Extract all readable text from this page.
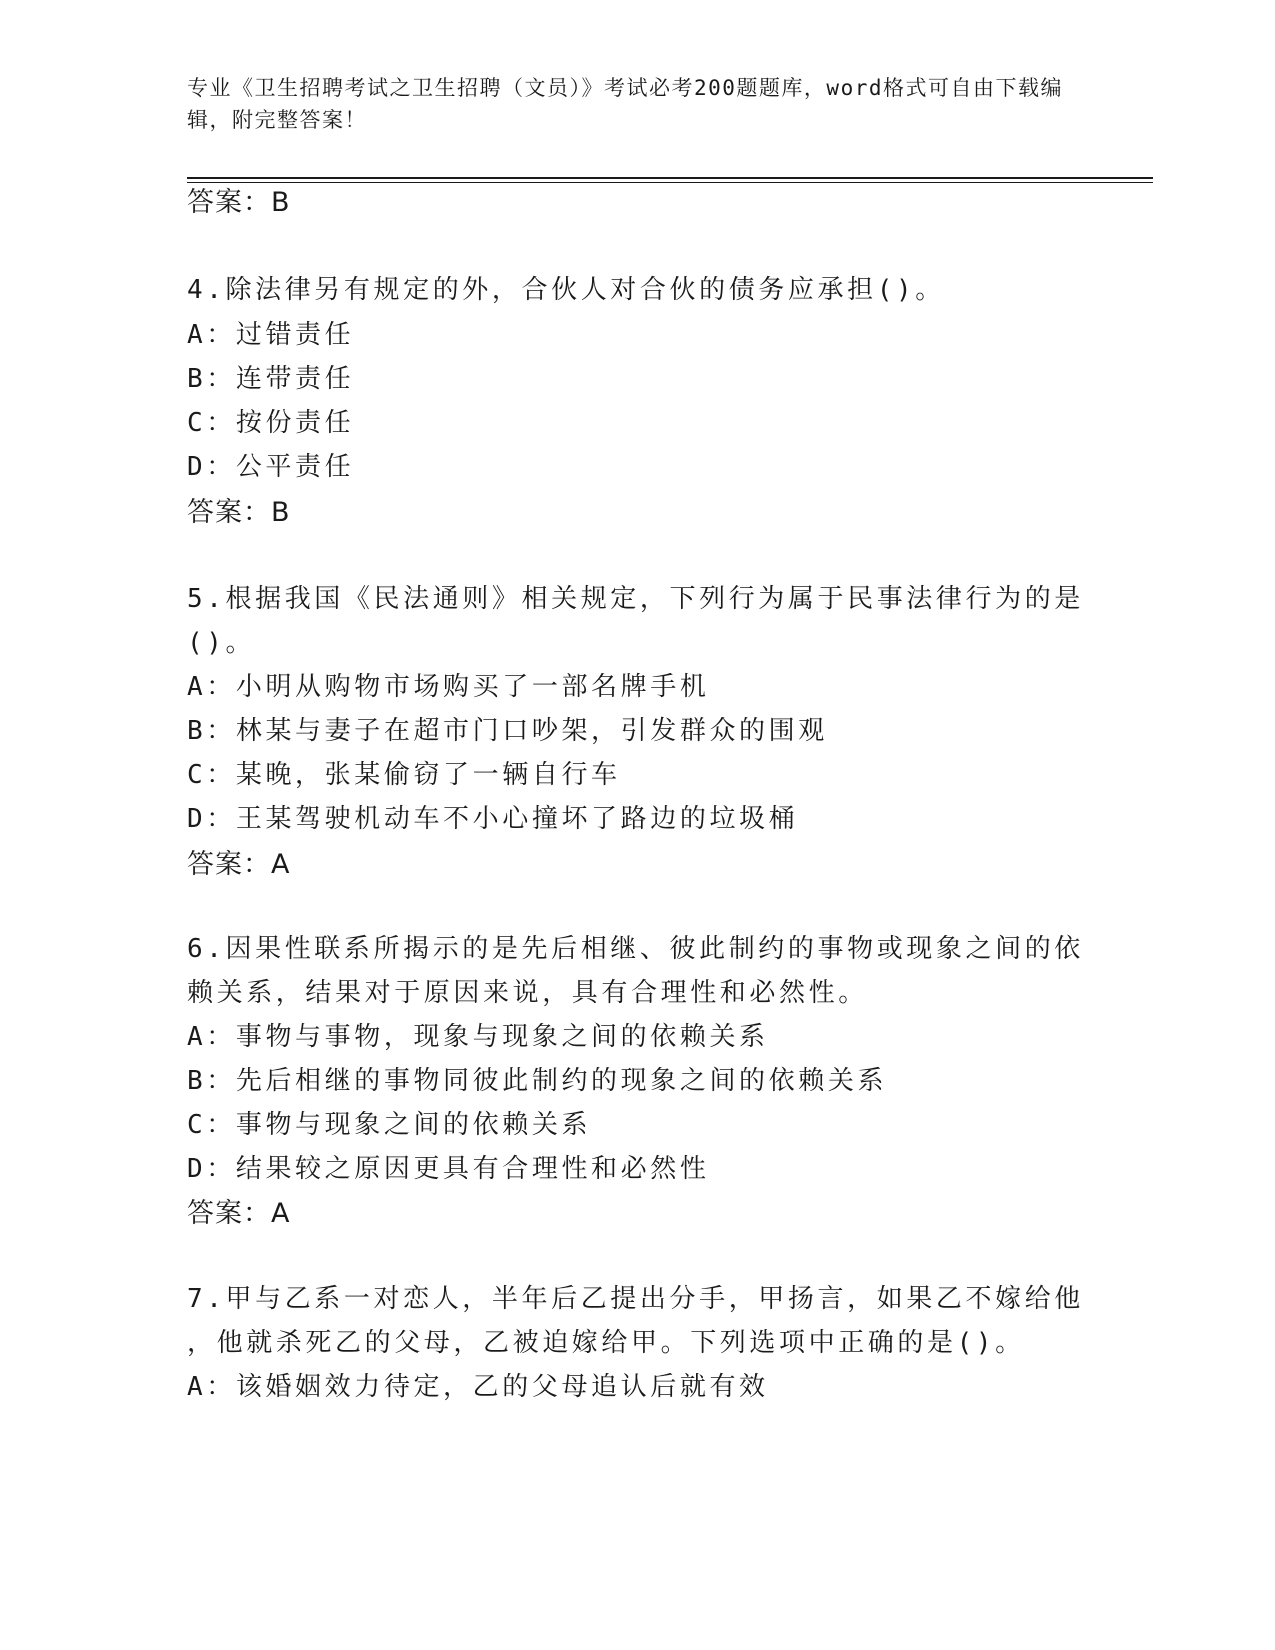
专业《卫生招聘考试之卫生招聘（文员）》考试必考200题题库，word格式可自由下载编辑，附完整答案！
答案：B
4.除法律另有规定的外，合伙人对合伙的债务应承担()。
A：过错责任
B：连带责任
C：按份责任
D：公平责任
答案：B
5.根据我国《民法通则》相关规定，下列行为属于民事法律行为的是
()。
A：小明从购物市场购买了一部名牌手机
B：林某与妻子在超市门口吵架，引发群众的围观
C：某晚，张某偷窃了一辆自行车
D：王某驾驶机动车不小心撞坏了路边的垃圾桶
答案：A
6.因果性联系所揭示的是先后相继、彼此制约的事物或现象之间的依
赖关系，结果对于原因来说，具有合理性和必然性。
A：事物与事物，现象与现象之间的依赖关系
B：先后相继的事物同彼此制约的现象之间的依赖关系
C：事物与现象之间的依赖关系
D：结果较之原因更具有合理性和必然性
答案：A
7.甲与乙系一对恋人，半年后乙提出分手，甲扬言，如果乙不嫁给他
，他就杀死乙的父母，乙被迫嫁给甲。下列选项中正确的是()。
A：该婚姻效力待定，乙的父母追认后就有效
